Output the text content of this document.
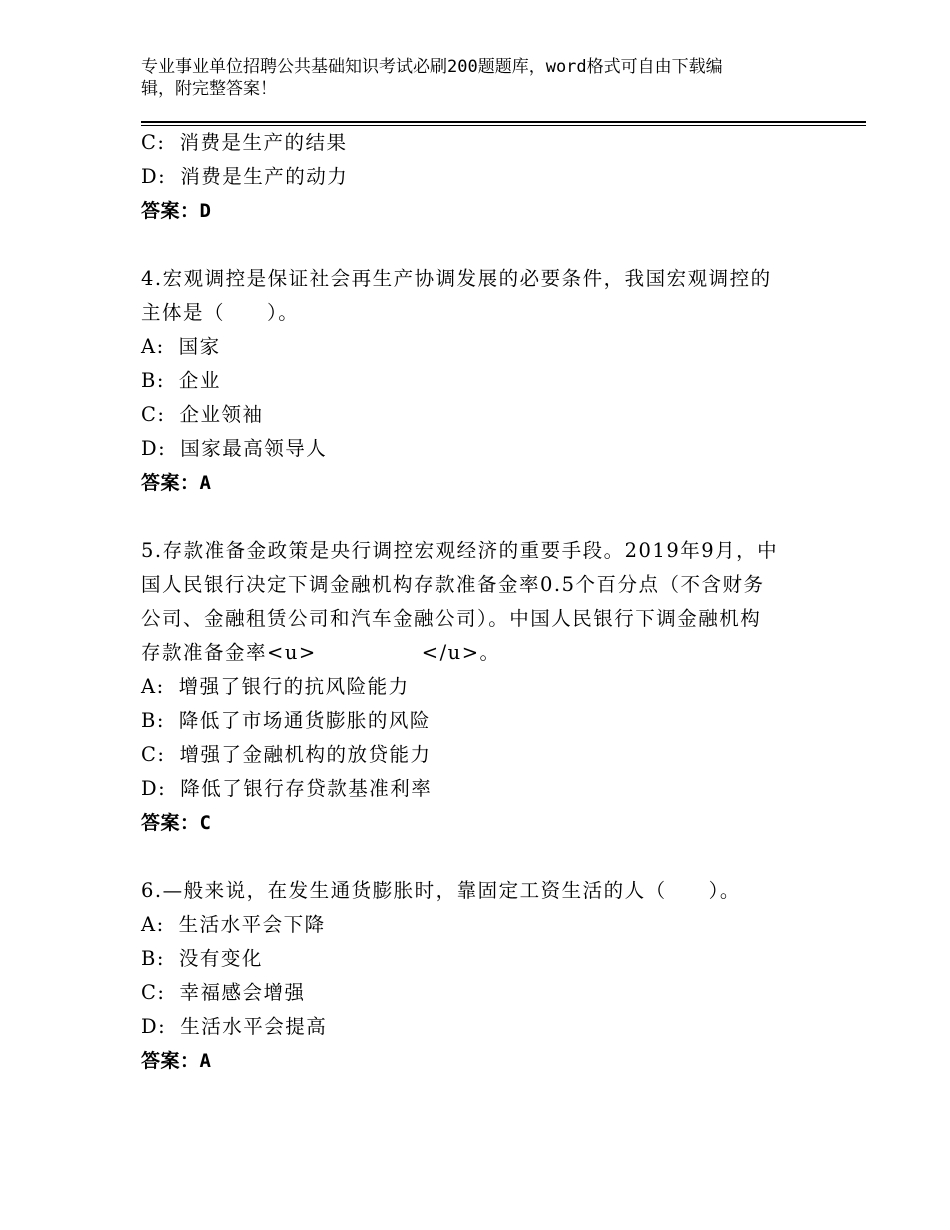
专业事业单位招聘公共基础知识考试必刷200题题库，word格式可自由下载编
辑，附完整答案！
C: 消费是生产的结果
D: 消费是生产的动力
答案：D
4.宏观调控是保证社会再生产协调发展的必要条件，我国宏观调控的
主体是（　　）。
A: 国家
B: 企业
C: 企业领袖
D: 国家最高领导人
答案：A
5.存款准备金政策是央行调控宏观经济的重要手段。2019年9月，中
国人民银行决定下调金融机构存款准备金率0.5个百分点（不含财务
公司、金融租赁公司和汽车金融公司）。中国人民银行下调金融机构
存款准备金率<u>　　　　　</u>。
A: 增强了银行的抗风险能力
B: 降低了市场通货膨胀的风险
C: 增强了金融机构的放贷能力
D: 降低了银行存贷款基准利率
答案：C
6.—般来说，在发生通货膨胀时，靠固定工资生活的人（　　）。
A: 生活水平会下降
B: 没有变化
C: 幸福感会增强
D: 生活水平会提高
答案：A
